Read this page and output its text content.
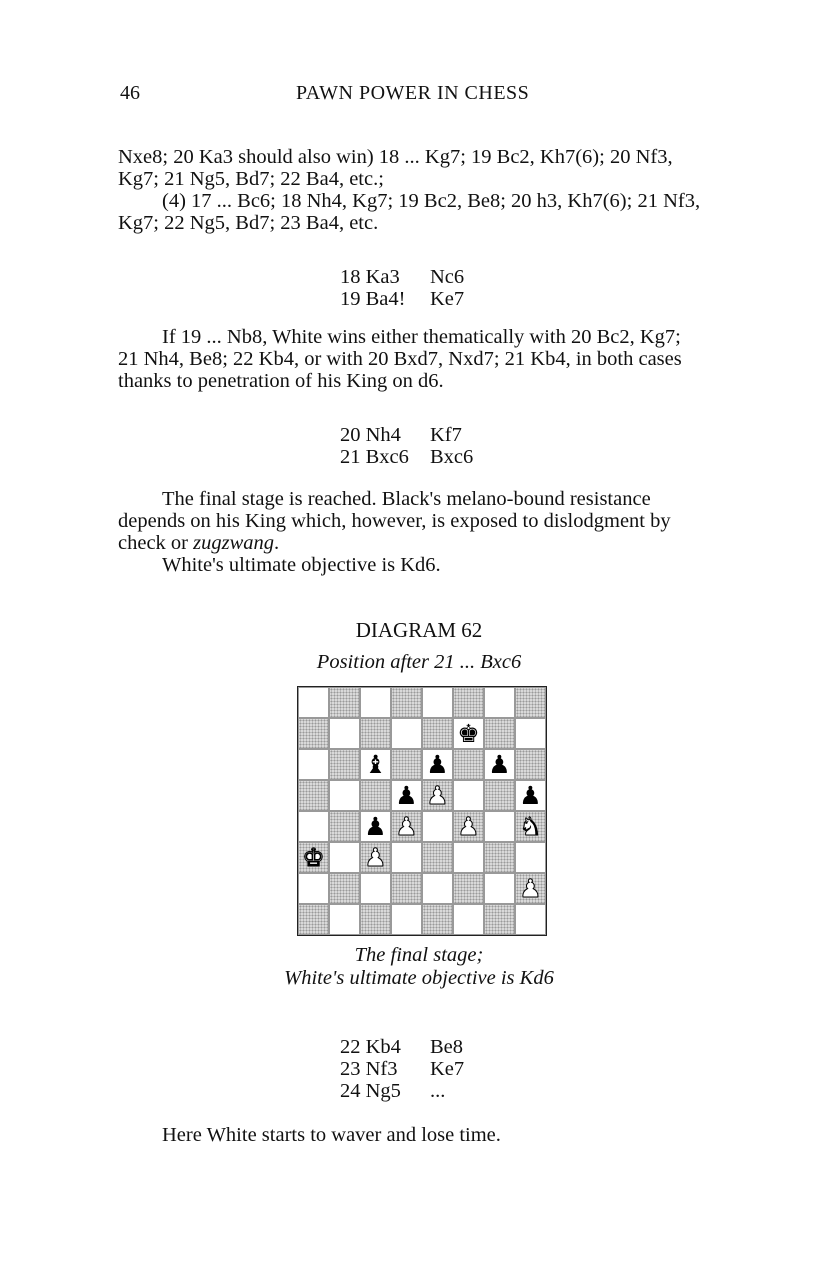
46	PAWN POWER IN CHESS
Nxe8; 20 Ka3 should also win) 18 ... Kg7; 19 Bc2, Kh7(6); 20 Nf3,
Kg7; 21 Ng5, Bd7; 22 Ba4, etc.;
(4) 17 ... Bc6; 18 Nh4, Kg7; 19 Bc2, Be8; 20 h3, Kh7(6); 21 Nf3,
Kg7; 22 Ng5, Bd7; 23 Ba4, etc.
18 Ka3	Nc6
19 Ba4!	Ke7
If 19 ... Nb8, White wins either thematically with 20 Bc2, Kg7;
21 Nh4, Be8; 22 Kb4, or with 20 Bxd7, Nxd7; 21 Kb4, in both cases
thanks to penetration of his King on d6.
20 Nh4	Kf7
21 Bxc6	Bxc6
The final stage is reached. Black's melano-bound resistance
depends on his King which, however, is exposed to dislodgment by
check or zugzwang.
White's ultimate objective is Kd6.
DIAGRAM 62
Position after 21 ... Bxc6
♚
♝ ♟ ♟
♟ ♟	♟
♟ ♟ ♟ ♞
♚ ♟
♟
The final stage;
White's ultimate objective is Kd6
22 Kb4	Be8
23 Nf3	Ke7
24 Ng5	...
Here White starts to waver and lose time.
